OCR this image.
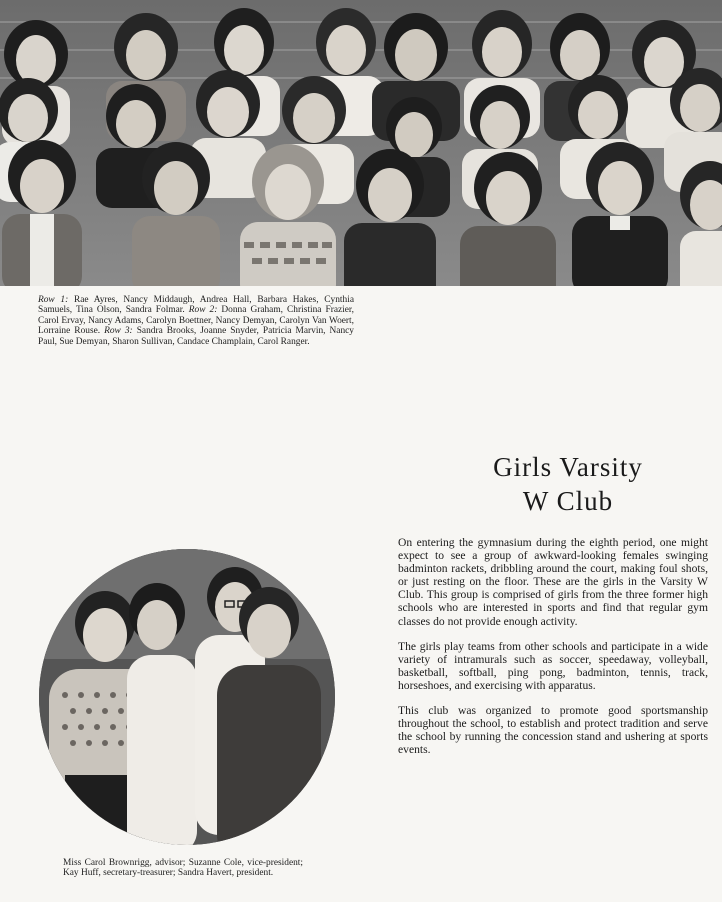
Row 1: Rae Ayres, Nancy Middaugh, Andrea Hall, Barbara Hakes, Cynthia Samuels, Tina Olson, Sandra Folmar. Row 2: Donna Graham, Christina Frazier, Carol Ervay, Nancy Adams, Carolyn Boettner, Nancy Demyan, Carolyn Van Woert, Lorraine Rouse. Row 3: Sandra Brooks, Joanne Snyder, Patricia Marvin, Nancy Paul, Sue Demyan, Sharon Sullivan, Candace Champlain, Carol Ranger.
Girls Varsity
W Club

On entering the gymnasium during the eighth period, one might expect to see a group of awkward-looking females swinging badminton rackets, dribbling around the court, making foul shots, or just resting on the floor. These are the girls in the Varsity W Club. This group is comprised of girls from the three former high schools who are interested in sports and find that regular gym classes do not provide enough activity.

The girls play teams from other schools and participate in a wide variety of intramurals such as soccer, speedaway, volleyball, basketball, softball, ping pong, badminton, tennis, track, horseshoes, and exercising with apparatus.

This club was organized to promote good sportsmanship throughout the school, to establish and protect tradition and serve the school by running the concession stand and ushering at sports events.

Miss Carol Brownrigg, advisor; Suzanne Cole, vice-president; Kay Huff, secretary-treasurer; Sandra Havert, president.
